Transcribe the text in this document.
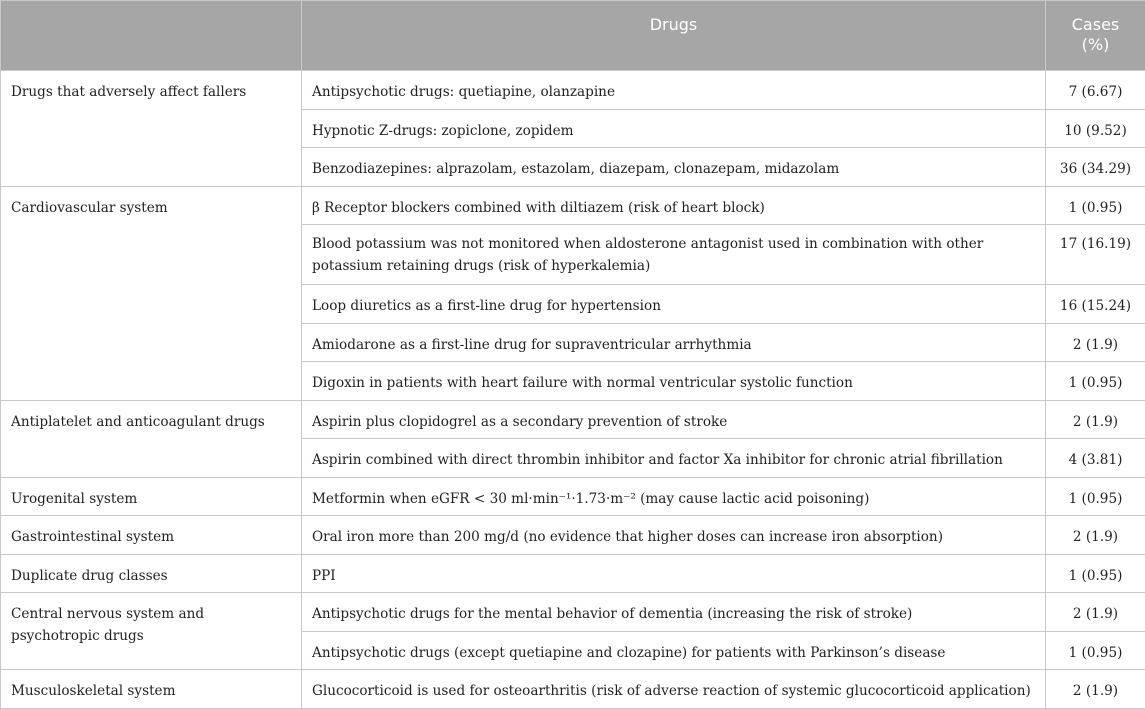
	Drugs	Cases
(%)
Drugs that adversely affect fallers	Antipsychotic drugs: quetiapine, olanzapine	7 (6.67)
	Hypnotic Z-drugs: zopiclone, zopidem	10 (9.52)
	Benzodiazepines: alprazolam, estazolam, diazepam, clonazepam, midazolam	36 (34.29)
Cardiovascular system	β Receptor blockers combined with diltiazem (risk of heart block)	1 (0.95)
	Blood potassium was not monitored when aldosterone antagonist used in combination with other potassium retaining drugs (risk of hyperkalemia)	17 (16.19)
	Loop diuretics as a first-line drug for hypertension	16 (15.24)
	Amiodarone as a first-line drug for supraventricular arrhythmia	2 (1.9)
	Digoxin in patients with heart failure with normal ventricular systolic function	1 (0.95)
Antiplatelet and anticoagulant drugs	Aspirin plus clopidogrel as a secondary prevention of stroke	2 (1.9)
	Aspirin combined with direct thrombin inhibitor and factor Xa inhibitor for chronic atrial fibrillation	4 (3.81)
Urogenital system	Metformin when eGFR < 30 ml·min⁻¹·1.73·m⁻² (may cause lactic acid poisoning)	1 (0.95)
Gastrointestinal system	Oral iron more than 200 mg/d (no evidence that higher doses can increase iron absorption)	2 (1.9)
Duplicate drug classes	PPI	1 (0.95)
Central nervous system and psychotropic drugs	Antipsychotic drugs for the mental behavior of dementia (increasing the risk of stroke)	2 (1.9)
	Antipsychotic drugs (except quetiapine and clozapine) for patients with Parkinson’s disease	1 (0.95)
Musculoskeletal system	Glucocorticoid is used for osteoarthritis (risk of adverse reaction of systemic glucocorticoid application)	2 (1.9)
